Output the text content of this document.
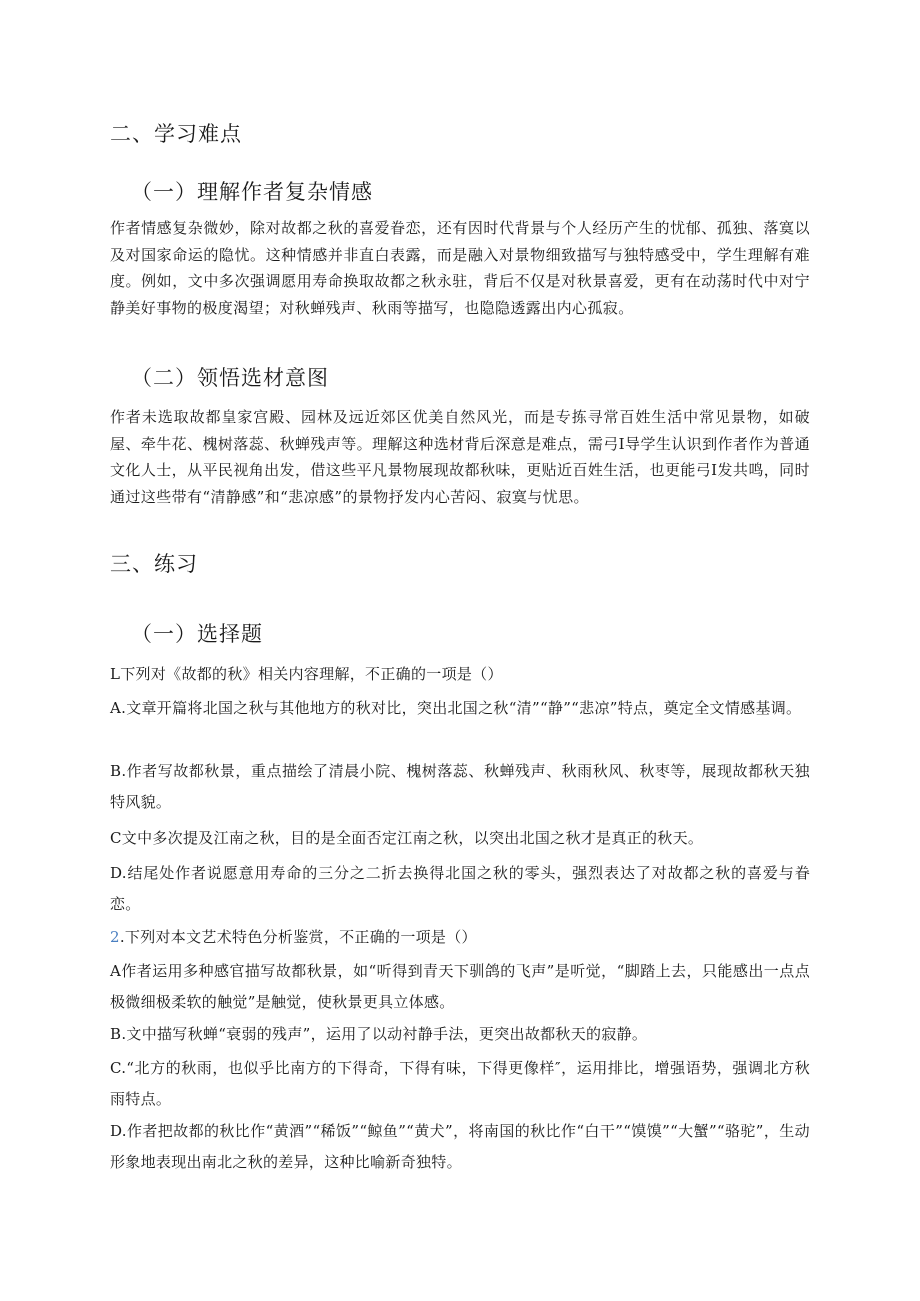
二、学习难点
（一）理解作者复杂情感

作者情感复杂微妙，除对故都之秋的喜爱眷恋，还有因时代背景与个人经历产生的忧郁、孤独、落寞以及对国家命运的隐忧。这种情感并非直白表露，而是融入对景物细致描写与独特感受中，学生理解有难度。例如，文中多次强调愿用寿命换取故都之秋永驻，背后不仅是对秋景喜爱，更有在动荡时代中对宁静美好事物的极度渴望；对秋蝉残声、秋雨等描写，也隐隐透露出内心孤寂。

（二）领悟选材意图

作者未选取故都皇家宫殿、园林及远近郊区优美自然风光，而是专拣寻常百姓生活中常见景物，如破屋、牵牛花、槐树落蕊、秋蝉残声等。理解这种选材背后深意是难点，需弓I导学生认识到作者作为普通文化人士，从平民视角出发，借这些平凡景物展现故都秋味，更贴近百姓生活，也更能弓I发共鸣，同时通过这些带有“清静感”和“悲凉感”的景物抒发内心苦闷、寂寞与忧思。

三、练习
（一）选择题

L下列对《故都的秋》相关内容理解，不正确的一项是（）

A.文章开篇将北国之秋与其他地方的秋对比，突出北国之秋“清”“静”“悲凉”特点，奠定全文情感基调。

B.作者写故都秋景，重点描绘了清晨小院、槐树落蕊、秋蝉残声、秋雨秋风、秋枣等，展现故都秋天独特风貌。

C文中多次提及江南之秋，目的是全面否定江南之秋，以突出北国之秋才是真正的秋天。

D.结尾处作者说愿意用寿命的三分之二折去换得北国之秋的零头，强烈表达了对故都之秋的喜爱与眷恋。

2.下列对本文艺术特色分析鉴赏，不正确的一项是（）

A作者运用多种感官描写故都秋景，如“听得到青天下驯鸽的飞声”是听觉，“脚踏上去，只能感出一点点极微细极柔软的触觉”是触觉，使秋景更具立体感。

B.文中描写秋蝉“衰弱的残声”，运用了以动衬静手法，更突出故都秋天的寂静。

C.“北方的秋雨，也似乎比南方的下得奇，下得有味，下得更像样″，运用排比，增强语势，强调北方秋雨特点。

D.作者把故都的秋比作“黄酒”“稀饭”“鲸鱼”“黄犬”，将南国的秋比作“白干”“馍馍”“大蟹”“骆驼”，生动形象地表现出南北之秋的差异，这种比喻新奇独特。
